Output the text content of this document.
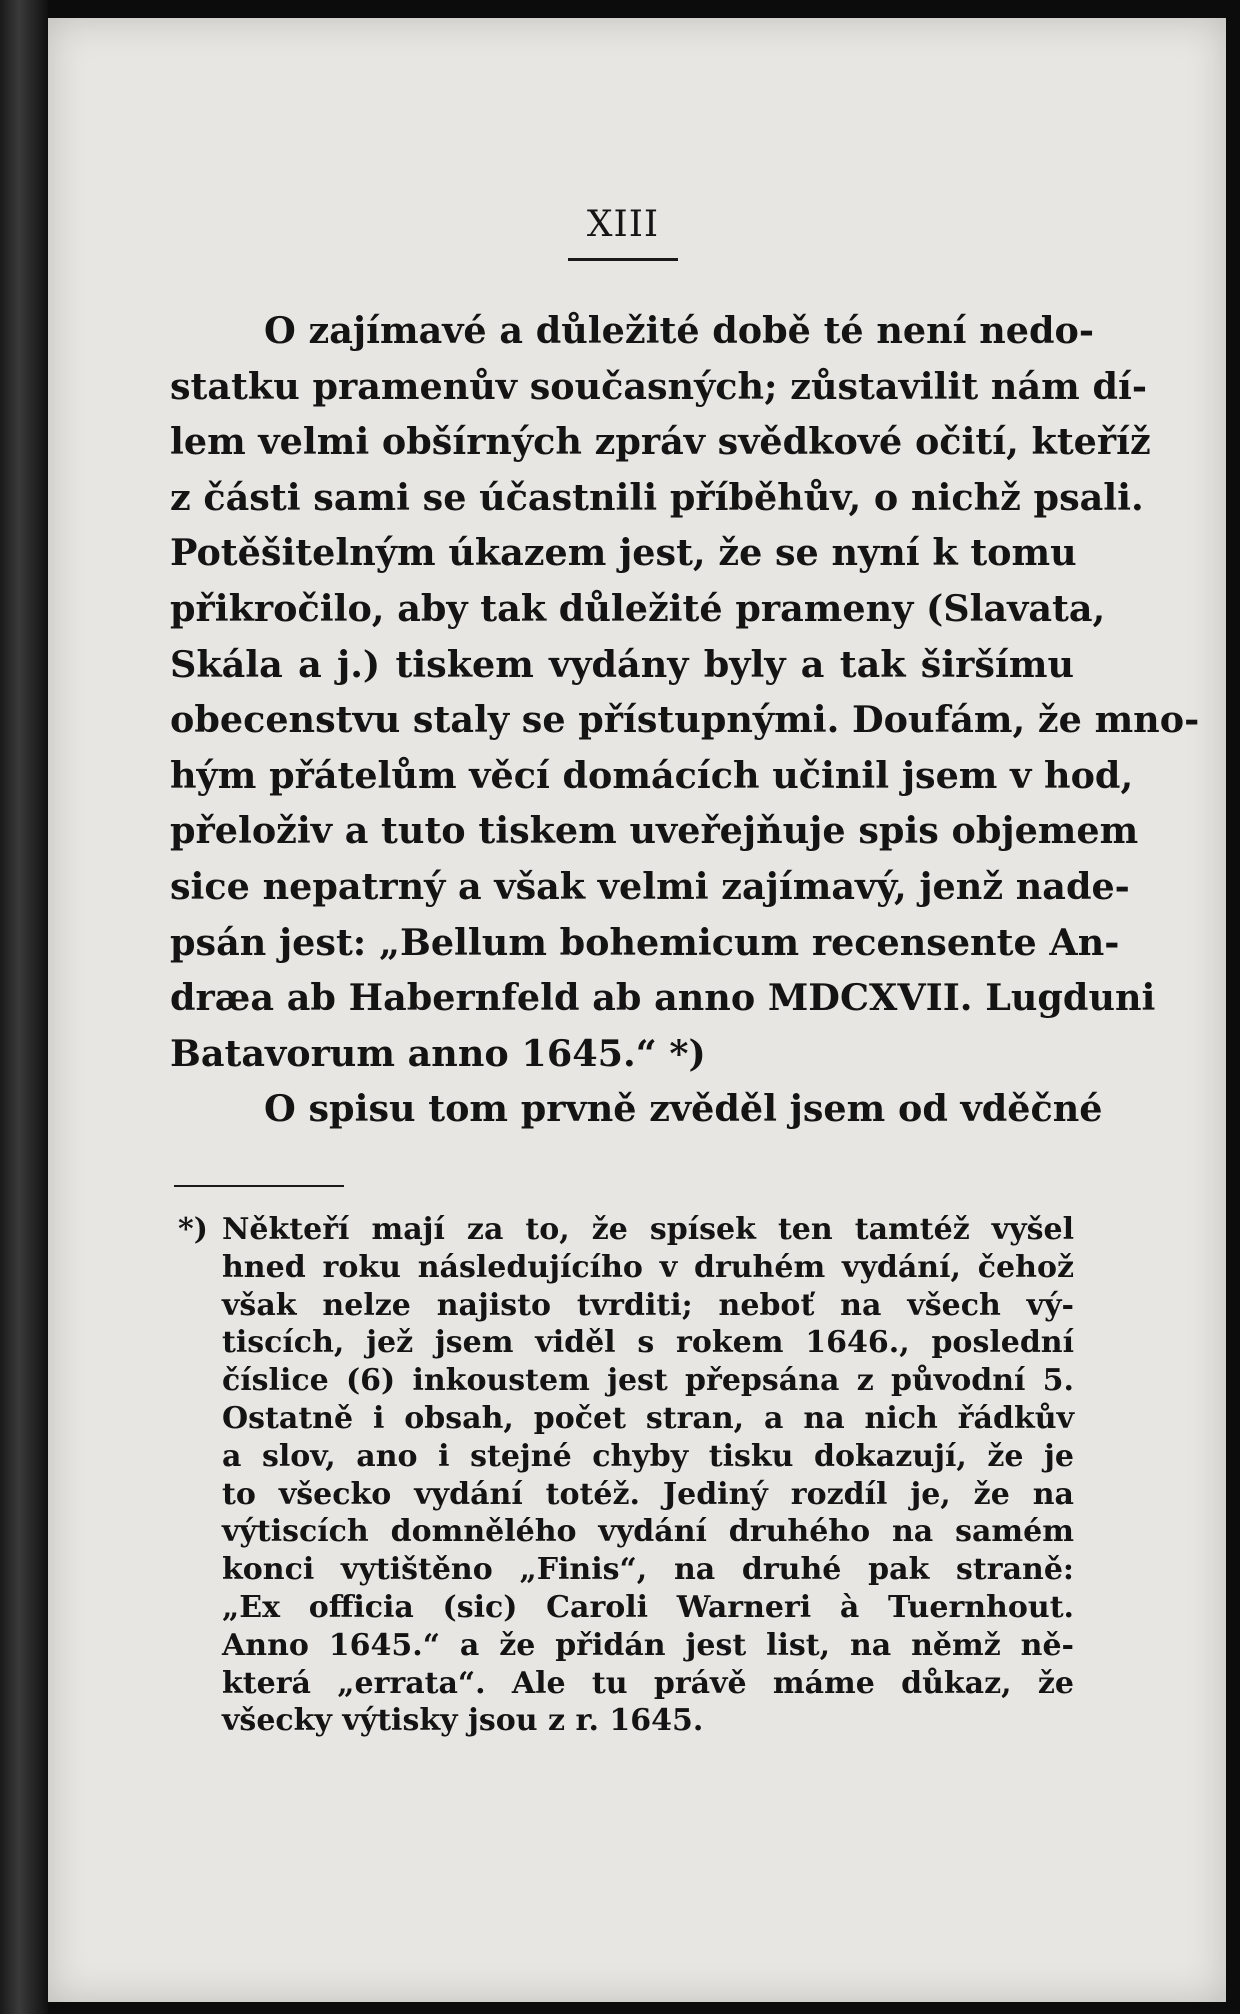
XIII
O zajímavé a důležité době té není nedo-
statku pramenův současných; zůstavilit nám dí-
lem velmi obšírných zpráv svědkové očití, kteříž
z části sami se účastnili příběhův, o nichž psali.
Potěšitelným úkazem jest, že se nyní k tomu
přikročilo, aby tak důležité prameny (Slavata,
Skála a j.) tiskem vydány byly a tak širšímu
obecenstvu staly se přístupnými. Doufám, že mno-
hým přátelům věcí domácích učinil jsem v hod,
přeloživ a tuto tiskem uveřejňuje spis objemem
sice nepatrný a však velmi zajímavý, jenž nade-
psán jest: „Bellum bohemicum recensente An-
dræa ab Habernfeld ab anno MDCXVII. Lugduni
Batavorum anno 1645.“ *)
O spisu tom prvně zvěděl jsem od vděčné
*) Někteří mají za to, že spísek ten tamtéž vyšel
hned roku následujícího v druhém vydání, čehož
však nelze najisto tvrditi; neboť na všech vý-
tiscích, jež jsem viděl s rokem 1646., poslední
číslice (6) inkoustem jest přepsána z původní 5.
Ostatně i obsah, počet stran, a na nich řádkův
a slov, ano i stejné chyby tisku dokazují, že je
to všecko vydání totéž. Jediný rozdíl je, že na
výtiscích domnělého vydání druhého na samém
konci vytištěno „Finis“, na druhé pak straně:
„Ex officia (sic) Caroli Warneri à Tuernhout.
Anno 1645.“ a že přidán jest list, na němž ně-
která „errata“. Ale tu právě máme důkaz, že
všecky výtisky jsou z r. 1645.
